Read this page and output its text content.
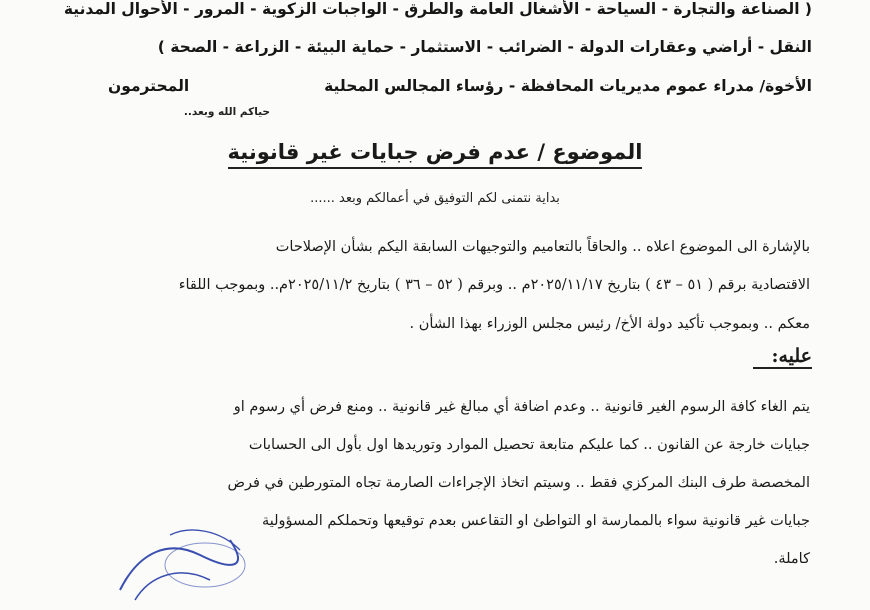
( الصناعة والتجارة - السياحة - الأشغال العامة والطرق - الواجبات الزكوية - المرور - الأحوال المدنية
النقل - أراضي وعقارات الدولة - الضرائب - الاستثمار - حماية البيئة - الزراعة - الصحة )
الأخوة/ مدراء عموم مديريات المحافظة - رؤساء المجالس المحلية
المحترمون
حياكم الله وبعد..
الموضوع / عدم فرض جبايات غير قانونية
بداية نتمنى لكم التوفيق في أعمالكم وبعد ......
بالإشارة الى الموضوع اعلاه .. والحاقاً بالتعاميم والتوجيهات السابقة اليكم بشأن الإصلاحات
الاقتصادية برقم ( ٥١ – ٤٣ ) بتاريخ ٢٠٢٥/١١/١٧م .. وبرقم ( ٥٢ – ٣٦ ) بتاريخ ٢٠٢٥/١١/٢م.. وبموجب اللقاء
معكم .. وبموجب تأكيد دولة الأخ/ رئيس مجلس الوزراء بهذا الشأن .
عليه:
يتم الغاء كافة الرسوم الغير قانونية .. وعدم اضافة أي مبالغ غير قانونية .. ومنع فرض أي رسوم او
جبايات خارجة عن القانون .. كما عليكم متابعة تحصيل الموارد وتوريدها اول بأول الى الحسابات
المخصصة طرف البنك المركزي فقط .. وسيتم اتخاذ الإجراءات الصارمة تجاه المتورطين في فرض
جبايات غير قانونية سواء بالممارسة او التواطئ او التقاعس بعدم توقيعها وتحملكم المسؤولية
كاملة.
